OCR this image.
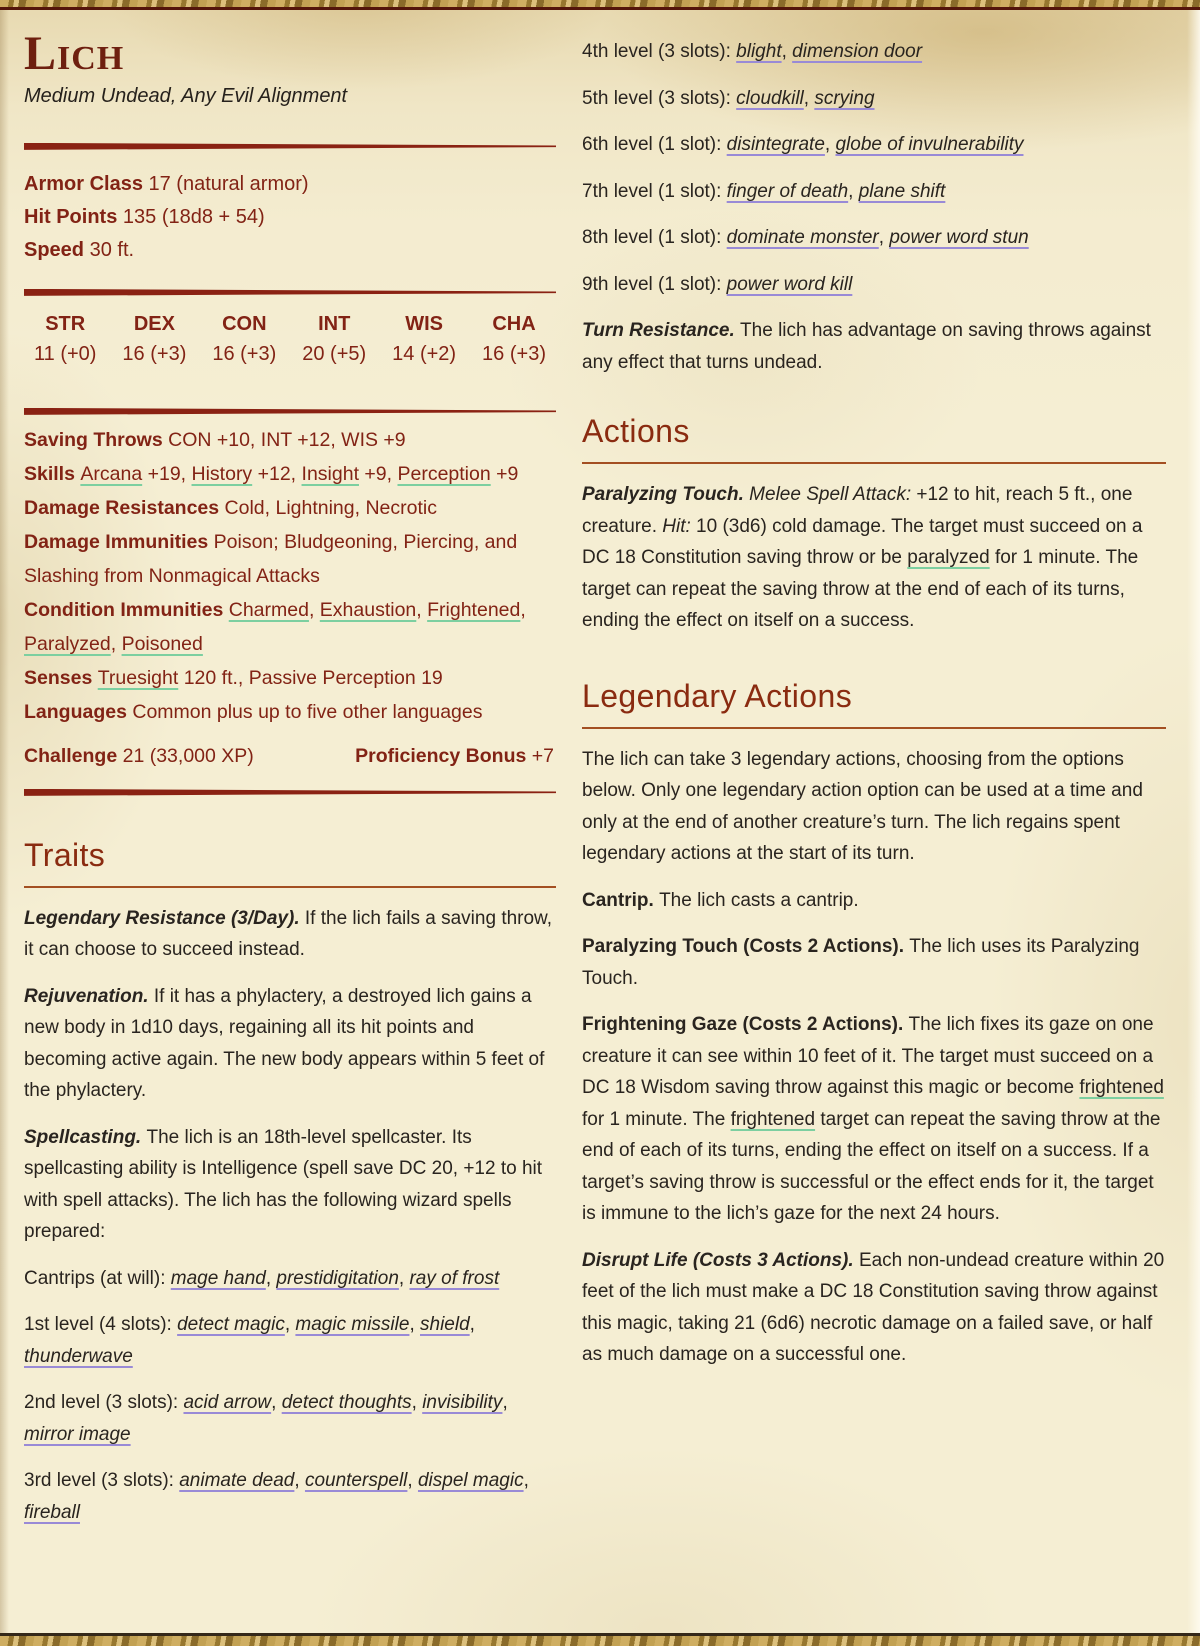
Lich

Medium Undead, Any Evil Alignment

Armor Class 17 (natural armor)

Hit Points 135 (18d8 + 54)

Speed 30 ft.

STR
11 (+0)
DEX
16 (+3)
CON
16 (+3)
INT
20 (+5)
WIS
14 (+2)
CHA
16 (+3)

Saving Throws CON +10, INT +12, WIS +9

Skills Arcana +19, History +12, Insight +9, Perception +9

Damage Resistances Cold, Lightning, Necrotic

Damage Immunities Poison; Bludgeoning, Piercing, and Slashing from Nonmagical Attacks

Condition Immunities Charmed, Exhaustion, Frightened, Paralyzed, Poisoned

Senses Truesight 120 ft., Passive Perception 19

Languages Common plus up to five other languages

Challenge 21 (33,000 XP)	Proficiency Bonus +7

Traits

Legendary Resistance (3/Day). If the lich fails a saving throw, it can choose to succeed instead.

Rejuvenation. If it has a phylactery, a destroyed lich gains a new body in 1d10 days, regaining all its hit points and becoming active again. The new body appears within 5 feet of the phylactery.

Spellcasting. The lich is an 18th-level spellcaster. Its spellcasting ability is Intelligence (spell save DC 20, +12 to hit with spell attacks). The lich has the following wizard spells prepared:

Cantrips (at will): mage hand, prestidigitation, ray of frost

1st level (4 slots): detect magic, magic missile, shield, thunderwave

2nd level (3 slots): acid arrow, detect thoughts, invisibility, mirror image

3rd level (3 slots): animate dead, counterspell, dispel magic, fireball

4th level (3 slots): blight, dimension door

5th level (3 slots): cloudkill, scrying

6th level (1 slot): disintegrate, globe of invulnerability

7th level (1 slot): finger of death, plane shift

8th level (1 slot): dominate monster, power word stun

9th level (1 slot): power word kill

Turn Resistance. The lich has advantage on saving throws against any effect that turns undead.

Actions

Paralyzing Touch. Melee Spell Attack: +12 to hit, reach 5 ft., one creature. Hit: 10 (3d6) cold damage. The target must succeed on a DC 18 Constitution saving throw or be paralyzed for 1 minute. The target can repeat the saving throw at the end of each of its turns, ending the effect on itself on a success.

Legendary Actions

The lich can take 3 legendary actions, choosing from the options below. Only one legendary action option can be used at a time and only at the end of another creature’s turn. The lich regains spent legendary actions at the start of its turn.

Cantrip. The lich casts a cantrip.

Paralyzing Touch (Costs 2 Actions). The lich uses its Paralyzing Touch.

Frightening Gaze (Costs 2 Actions). The lich fixes its gaze on one creature it can see within 10 feet of it. The target must succeed on a DC 18 Wisdom saving throw against this magic or become frightened for 1 minute. The frightened target can repeat the saving throw at the end of each of its turns, ending the effect on itself on a success. If a target’s saving throw is successful or the effect ends for it, the target is immune to the lich’s gaze for the next 24 hours.

Disrupt Life (Costs 3 Actions). Each non-undead creature within 20 feet of the lich must make a DC 18 Constitution saving throw against this magic, taking 21 (6d6) necrotic damage on a failed save, or half as much damage on a successful one.
